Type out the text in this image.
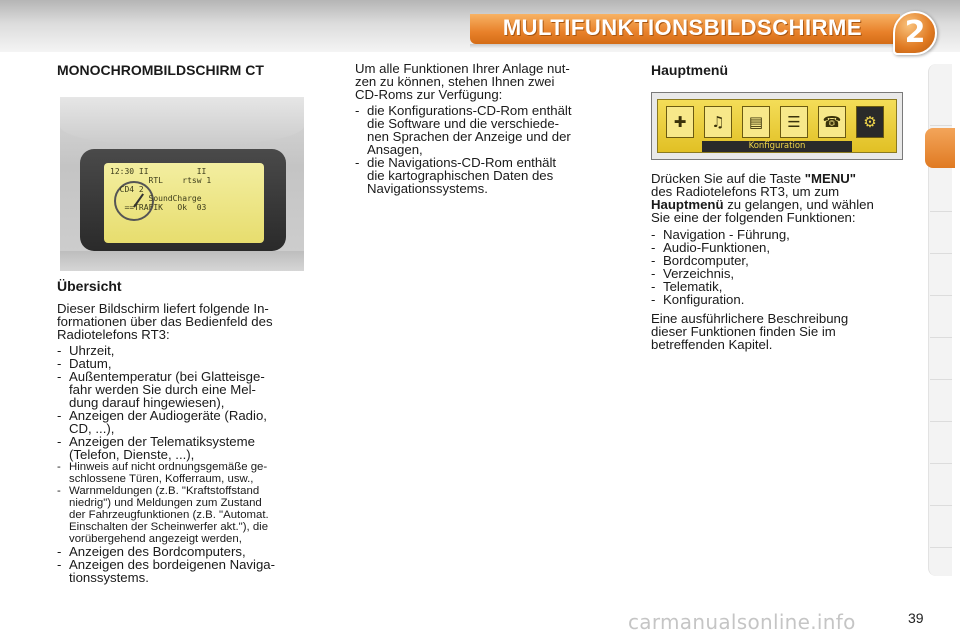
MULTIFUNKTIONSBILDSCHIRME	2
MONOCHROMBILDSCHIRM CT
12:30 II          II
RTL    rtsw 1
CD4 2
SoundCharge
==TRAFIK   Ok  03
Übersicht
Dieser Bildschirm liefert folgende In-
formationen über das Bedienfeld des
Radiotelefons RT3:
- Uhrzeit,
- Datum,
- Außentemperatur (bei Glatteisge-
fahr werden Sie durch eine Mel-
dung darauf hingewiesen),
- Anzeigen der Audiogeräte (Radio,
CD, ...),
- Anzeigen der Telematiksysteme
(Telefon, Dienste, ...),
- Hinweis auf nicht ordnungsgemäße ge-
schlossene Türen, Kofferraum, usw.,
- Warnmeldungen (z.B. "Kraftstoffstand
niedrig") und Meldungen zum Zustand
der Fahrzeugfunktionen (z.B. "Automat.
Einschalten der Scheinwerfer akt."), die
vorübergehend angezeigt werden,
- Anzeigen des Bordcomputers,
- Anzeigen des bordeigenen Naviga-
tionssystems.
Um alle Funktionen Ihrer Anlage nut-
zen zu können, stehen Ihnen zwei
CD-Roms zur Verfügung:
- die Konfigurations-CD-Rom enthält
die Software und die verschiede-
nen Sprachen der Anzeige und der
Ansagen,
- die Navigations-CD-Rom enthält
die kartographischen Daten des
Navigationssystems.
Hauptmenü
✚	♫	▤	☰	☎	⚙
Konfiguration
Drücken Sie auf die Taste "MENU"
des Radiotelefons RT3, um zum
Hauptmenü zu gelangen, und wählen
Sie eine der folgenden Funktionen:
- Navigation - Führung,
- Audio-Funktionen,
- Bordcomputer,
- Verzeichnis,
- Telematik,
- Konfiguration.
Eine ausführlichere Beschreibung
dieser Funktionen finden Sie im
betreffenden Kapitel.
carmanualsonline.info	39
